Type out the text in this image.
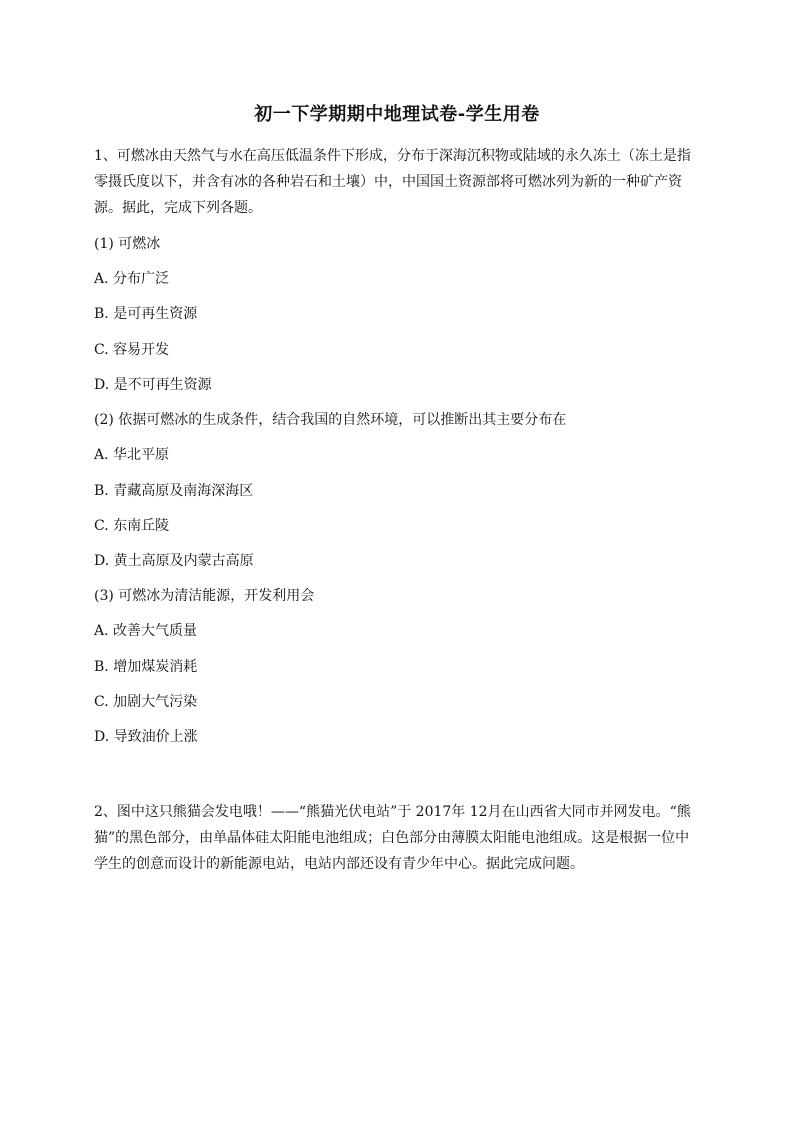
初一下学期期中地理试卷-学生用卷

1、可燃冰由天然气与水在高压低温条件下形成，分布于深海沉积物或陆域的永久冻土（冻土是指零摄氏度以下，并含有冰的各种岩石和土壤）中，中国国土资源部将可燃冰列为新的一种矿产资源。据此，完成下列各题。

(1) 可燃冰
A. 分布广泛
B. 是可再生资源
C. 容易开发
D. 是不可再生资源
(2) 依据可燃冰的生成条件，结合我国的自然环境，可以推断出其主要分布在
A. 华北平原
B. 青藏高原及南海深海区
C. 东南丘陵
D. 黄土高原及内蒙古高原
(3) 可燃冰为清洁能源，开发利用会
A. 改善大气质量
B. 增加煤炭消耗
C. 加剧大气污染
D. 导致油价上涨

2、图中这只熊猫会发电哦！——“熊猫光伏电站”于 2017年 12月在山西省大同市并网发电。“熊猫”的黑色部分，由单晶体硅太阳能电池组成；白色部分由薄膜太阳能电池组成。这是根据一位中学生的创意而设计的新能源电站，电站内部还设有青少年中心。据此完成问题。
